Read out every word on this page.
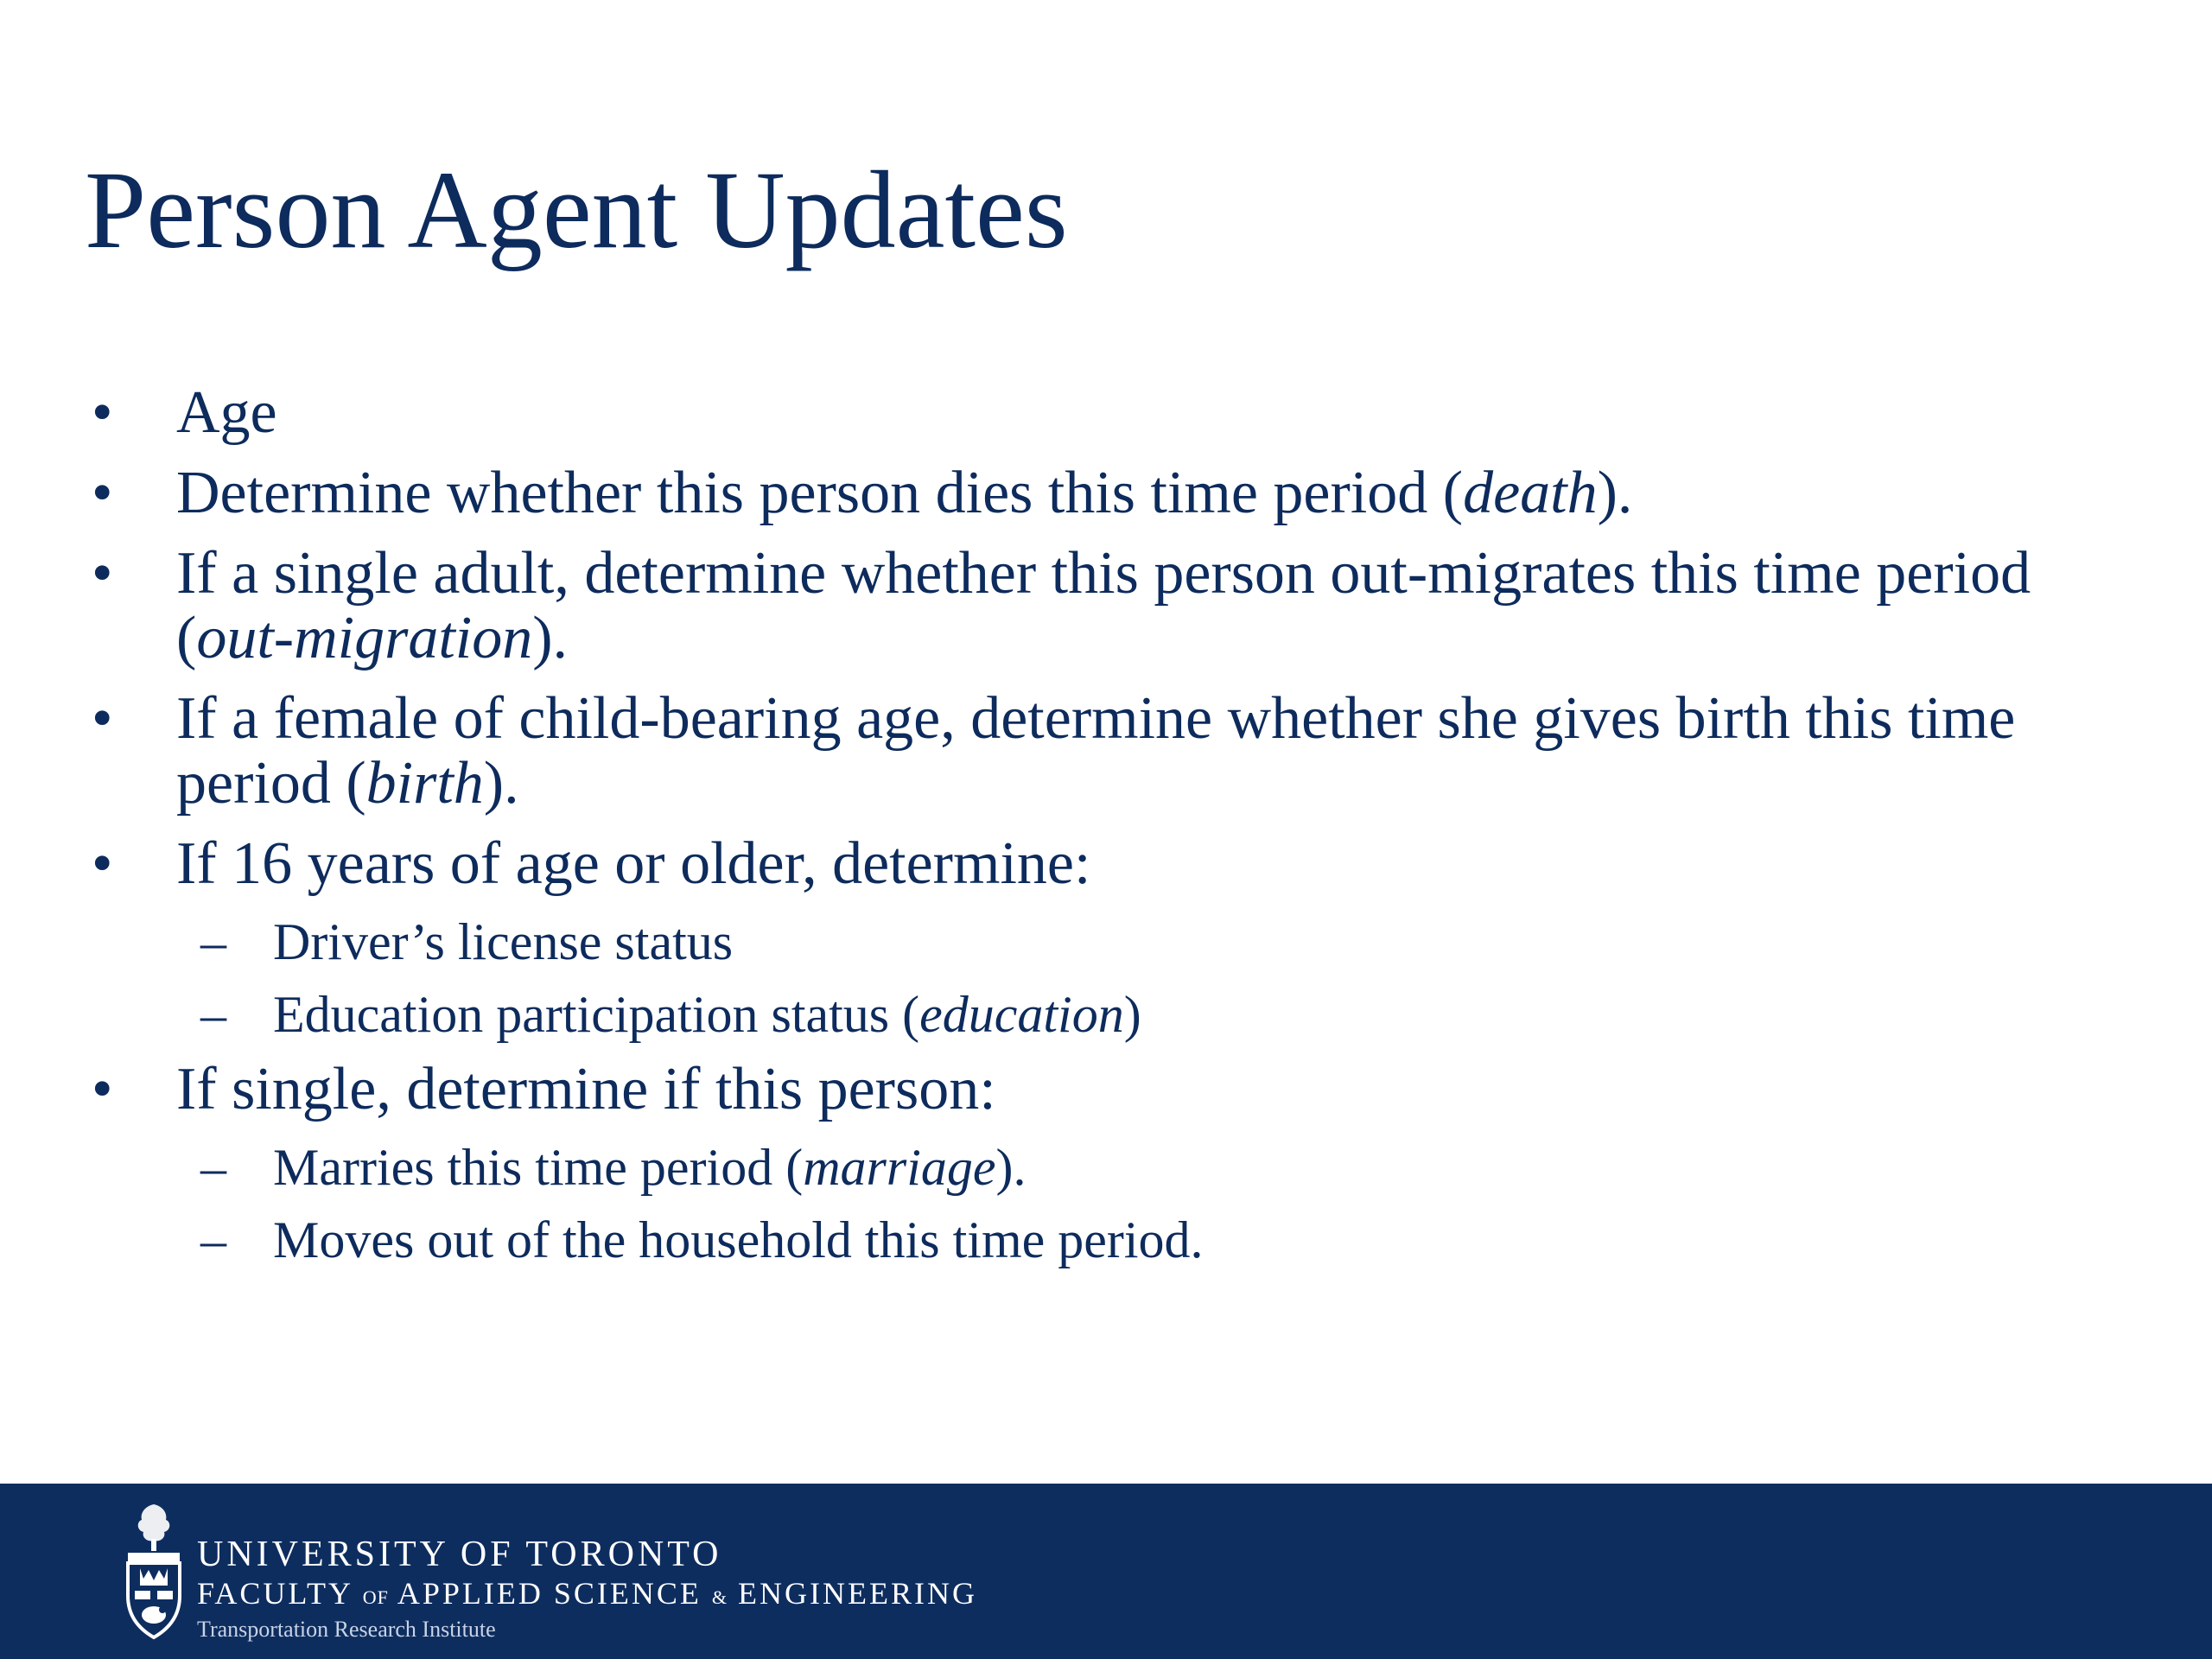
Person Agent Updates
• Age
• Determine whether this person dies this time period (death).
• If a single adult, determine whether this person out-migrates this time period (out-migration).
• If a female of child-bearing age, determine whether she gives birth this time period (birth).
• If 16 years of age or older, determine:
– Driver’s license status
– Education participation status (education)
• If single, determine if this person:
– Marries this time period (marriage).
– Moves out of the household this time period.
UNIVERSITY OF TORONTO
FACULTY OF APPLIED SCIENCE & ENGINEERING
Transportation Research Institute
